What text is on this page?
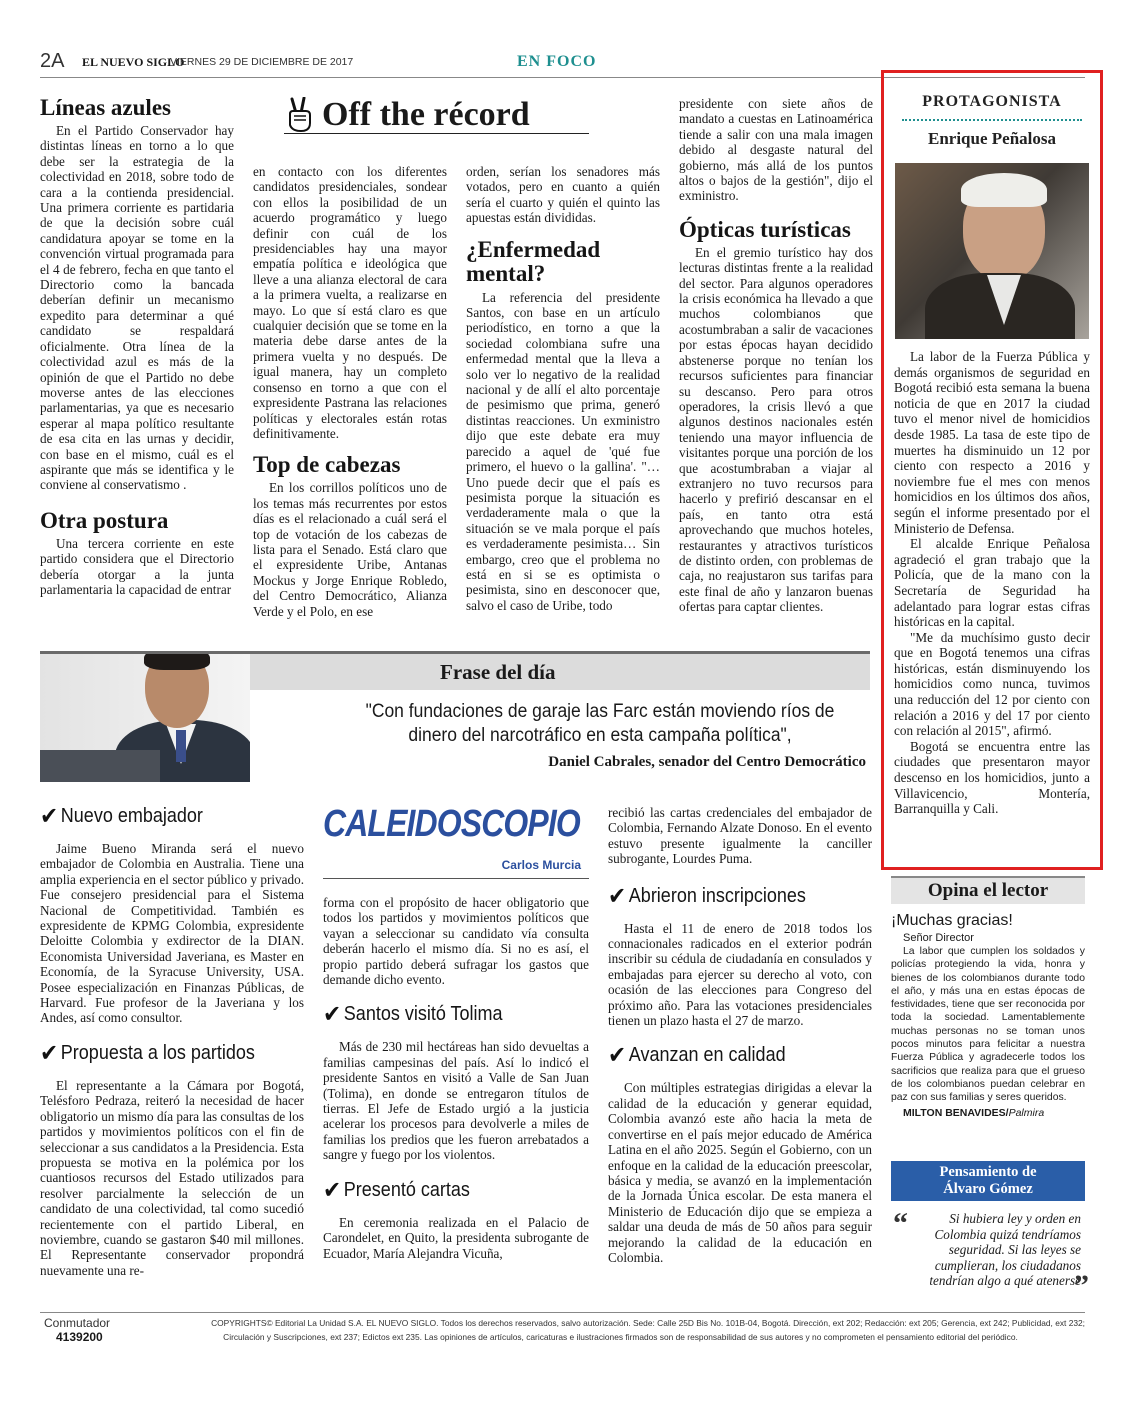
2A EL NUEVO SIGLO
VIERNES 29 DE DICIEMBRE DE 2017	EN FOCO
Líneas azules

En el Partido Conservador hay distintas líneas en torno a lo que debe ser la estrategia de la colectividad en 2018, sobre todo de cara a la contienda presidencial. Una primera corriente es partidaria de que la decisión sobre cuál candidatura apoyar se tome en la convención virtual programada para el 4 de febrero, fecha en que tanto el Directorio como la bancada deberían definir un mecanismo expedito para determinar a qué candidato se respaldará oficialmente. Otra línea de la colectividad azul es más de la opinión de que el Partido no debe moverse antes de las elecciones parlamentarias, ya que es necesario esperar al mapa político resultante de esa cita en las urnas y decidir, con base en el mismo, cuál es el aspirante que más se identifica y le conviene al conservatismo .

Otra postura

Una tercera corriente en este partido considera que el Directorio debería otorgar a la junta parlamentaria la capacidad de entrar

Off the récord

en contacto con los diferentes candidatos presidenciales, sondear con ellos la posibilidad de un acuerdo programático y luego definir con cuál de los presidenciables hay una mayor empatía política e ideológica que lleve a una alianza electoral de cara a la primera vuelta, a realizarse en mayo. Lo que sí está claro es que cualquier decisión que se tome en la materia debe darse antes de la primera vuelta y no después. De igual manera, hay un completo consenso en torno a que con el expresidente Pastrana las relaciones políticas y electorales están rotas definitivamente.

Top de cabezas

En los corrillos políticos uno de los temas más recurrentes por estos días es el relacionado a cuál será el top de votación de los cabezas de lista para el Senado. Está claro que el expresidente Uribe, Antanas Mockus y Jorge Enrique Robledo, del Centro Democrático, Alianza Verde y el Polo, en ese

orden, serían los senadores más votados, pero en cuanto a quién sería el cuarto y quién el quinto las apuestas están divididas.

¿Enfermedad mental?

La referencia del presidente Santos, con base en un artículo periodístico, en torno a que la sociedad colombiana sufre una enfermedad mental que la lleva a solo ver lo negativo de la realidad nacional y de allí el alto porcentaje de pesimismo que prima, generó distintas reacciones. Un exministro dijo que este debate era muy parecido a aquel de 'qué fue primero, el huevo o la gallina'. "… Uno puede decir que el país es pesimista porque la situación es verdaderamente mala o que la situación se ve mala porque el país es verdaderamente pesimista… Sin embargo, creo que el problema no está en si se es optimista o pesimista, sino en desconocer que, salvo el caso de Uribe, todo

presidente con siete años de mandato a cuestas en Latinoamérica tiende a salir con una mala imagen debido al desgaste natural del gobierno, más allá de los puntos altos o bajos de la gestión", dijo el exministro.

Ópticas turísticas

En el gremio turístico hay dos lecturas distintas frente a la realidad del sector. Para algunos operadores la crisis económica ha llevado a que muchos colombianos que acostumbraban a salir de vacaciones por estas épocas hayan decidido abstenerse porque no tenían los recursos suficientes para financiar su descanso. Pero para otros operadores, la crisis llevó a que algunos destinos nacionales estén teniendo una mayor influencia de visitantes porque una porción de los que acostumbraban a viajar al extranjero no tuvo recursos para hacerlo y prefirió descansar en el país, en tanto otra está aprovechando que muchos hoteles, restaurantes y atractivos turísticos de distinto orden, con problemas de caja, no reajustaron sus tarifas para este final de año y lanzaron buenas ofertas para captar clientes.

PROTAGONISTA
Enrique Peñalosa

La labor de la Fuerza Pública y demás organismos de seguridad en Bogotá recibió esta semana la buena noticia de que en 2017 la ciudad tuvo el menor nivel de homicidios desde 1985. La tasa de este tipo de muertes ha disminuido un 12 por ciento con respecto a 2016 y noviembre fue el mes con menos homicidios en los últimos dos años, según el informe presentado por el Ministerio de Defensa.

El alcalde Enrique Peñalosa agradeció el gran trabajo que la Policía, que de la mano con la Secretaría de Seguridad ha adelantado para lograr estas cifras históricas en la capital.

"Me da muchísimo gusto decir que en Bogotá tenemos una cifras históricas, están disminuyendo los homicidios como nunca, tuvimos una reducción del 12 por ciento con relación a 2016 y del 17 por ciento con relación al 2015", afirmó.

Bogotá se encuentra entre las ciudades que presentaron mayor descenso en los homicidios, junto a Villavicencio, Montería, Barranquilla y Cali.

Frase del día
"Con fundaciones de garaje las Farc están moviendo ríos de dinero del narcotráfico en esta campaña política",
Daniel Cabrales, senador del Centro Democrático
✔ Nuevo embajador

Jaime Bueno Miranda será el nuevo embajador de Colombia en Australia. Tiene una amplia experiencia en el sector público y privado. Fue consejero presidencial para el Sistema Nacional de Competitividad. También es expresidente de KPMG Colombia, expresidente Deloitte Colombia y exdirector de la DIAN. Economista Universidad Javeriana, es Master en Economía, de la Syracuse University, USA. Posee especialización en Finanzas Públicas, de Harvard. Fue profesor de la Javeriana y los Andes, así como consultor.

✔ Propuesta a los partidos

El representante a la Cámara por Bogotá, Telésforo Pedraza, reiteró la necesidad de hacer obligatorio un mismo día para las consultas de los partidos y movimientos políticos con el fin de seleccionar a sus candidatos a la Presidencia. Esta propuesta se motiva en la polémica por los cuantiosos recursos del Estado utilizados para resolver parcialmente la selección de un candidato de una colectividad, tal como sucedió recientemente con el partido Liberal, en noviembre, cuando se gastaron $40 mil millones. El Representante conservador propondrá nuevamente una re-

CALEIDOSCOPIO
Carlos Murcia

forma con el propósito de hacer obligatorio que todos los partidos y movimientos políticos que vayan a seleccionar su candidato vía consulta deberán hacerlo el mismo día. Si no es así, el propio partido deberá sufragar los gastos que demande dicho evento.

✔ Santos visitó Tolima

Más de 230 mil hectáreas han sido devueltas a familias campesinas del país. Así lo indicó el presidente Santos en visitó a Valle de San Juan (Tolima), en donde se entregaron títulos de tierras. El Jefe de Estado urgió a la justicia acelerar los procesos para devolverle a miles de familias los predios que les fueron arrebatados a sangre y fuego por los violentos.

✔ Presentó cartas

En ceremonia realizada en el Palacio de Carondelet, en Quito, la presidenta subrogante de Ecuador, María Alejandra Vicuña,

recibió las cartas credenciales del embajador de Colombia, Fernando Alzate Donoso. En el evento estuvo presente igualmente la canciller subrogante, Lourdes Puma.

✔ Abrieron inscripciones

Hasta el 11 de enero de 2018 todos los connacionales radicados en el exterior podrán inscribir su cédula de ciudadanía en consulados y embajadas para ejercer su derecho al voto, con ocasión de las elecciones para Congreso del próximo año. Para las votaciones presidenciales tienen un plazo hasta el 27 de marzo.

✔ Avanzan en calidad

Con múltiples estrategias dirigidas a elevar la calidad de la educación y generar equidad, Colombia avanzó este año hacia la meta de convertirse en el país mejor educado de América Latina en el año 2025. Según el Gobierno, con un enfoque en la calidad de la educación preescolar, básica y media, se avanzó en la implementación de la Jornada Única escolar. De esta manera el Ministerio de Educación dijo que se empieza a saldar una deuda de más de 50 años para seguir mejorando la calidad de la educación en Colombia.

Opina el lector
¡Muchas gracias!
Señor Director
La labor que cumplen los soldados y policías protegiendo la vida, honra y bienes de los colombianos durante todo el año, y más una en estas épocas de festividades, tiene que ser reconocida por toda la sociedad. Lamentablemente muchas personas no se toman unos pocos minutos para felicitar a nuestra Fuerza Pública y agradecerle todos los sacrificios que realiza para que el grueso de los colombianos puedan celebrar en paz con sus familias y seres queridos.
MILTON BENAVIDES/Palmira
Pensamiento de
Álvaro Gómez
“	Si hubiera ley y orden en Colombia quizá tendríamos seguridad. Si las leyes se cumplieran, los ciudadanos tendrían algo a qué atenerse
”
Conmutador
4139200
COPYRIGHTS© Editorial La Unidad S.A. EL NUEVO SIGLO. Todos los derechos reservados, salvo autorización. Sede: Calle 25D Bis No. 101B-04, Bogotá. Dirección, ext 202; Redacción: ext 205; Gerencia, ext 242; Publicidad, ext 232;
Circulación y Suscripciones, ext 237; Edictos ext 235. Las opiniones de artículos, caricaturas e ilustraciones firmados son de responsabilidad de sus autores y no comprometen el pensamiento editorial del periódico.
